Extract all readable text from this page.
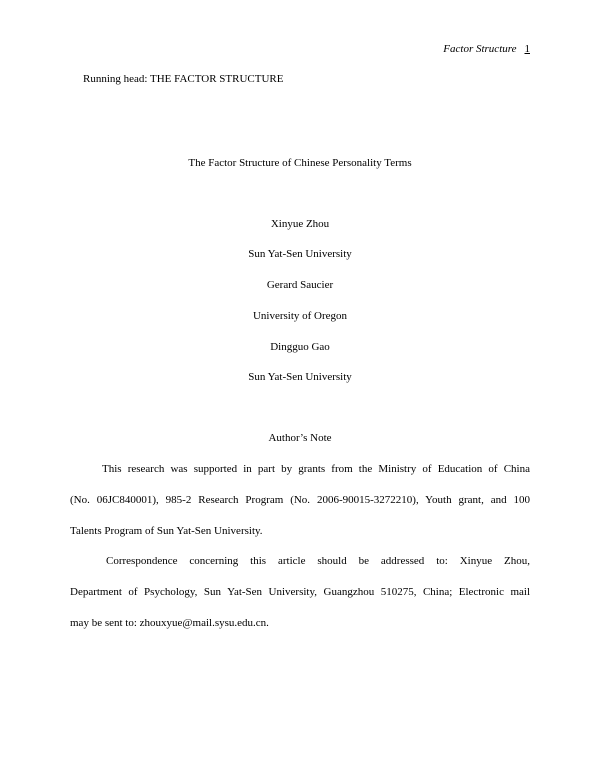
Factor Structure 1
Running head: THE FACTOR STRUCTURE
The Factor Structure of Chinese Personality Terms
Xinyue Zhou
Sun Yat-Sen University
Gerard Saucier
University of Oregon
Dingguo Gao
Sun Yat-Sen University
Author’s Note
This research was supported in part by grants from the Ministry of Education of China
(No. 06JC840001), 985-2 Research Program (No. 2006-90015-3272210), Youth grant, and 100
Talents Program of Sun Yat-Sen University.
Correspondence concerning this article should be addressed to: Xinyue Zhou,
Department of Psychology, Sun Yat-Sen University, Guangzhou 510275, China; Electronic mail
may be sent to: zhouxyue@mail.sysu.edu.cn.
